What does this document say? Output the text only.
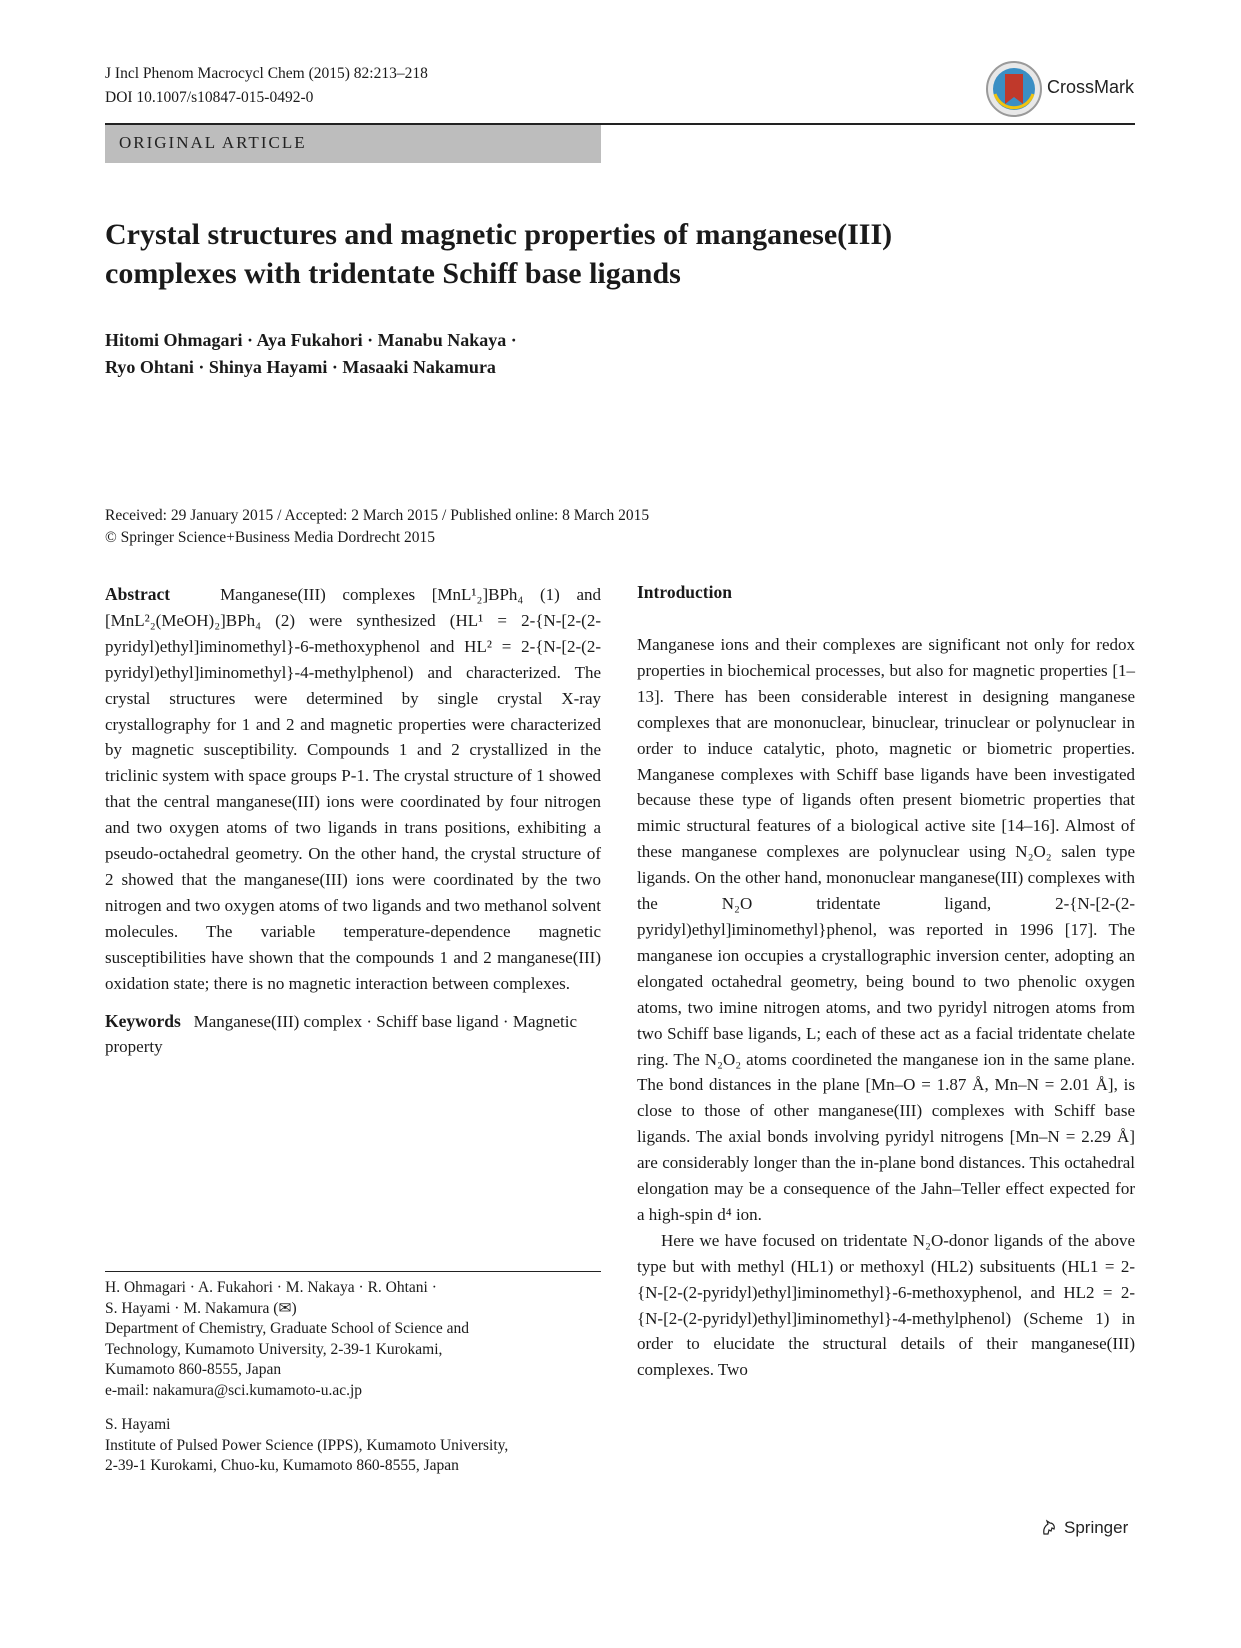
J Incl Phenom Macrocycl Chem (2015) 82:213–218
DOI 10.1007/s10847-015-0492-0
CrossMark
ORIGINAL ARTICLE
Crystal structures and magnetic properties of manganese(III)
complexes with tridentate Schiff base ligands
Hitomi Ohmagari · Aya Fukahori · Manabu Nakaya ·
Ryo Ohtani · Shinya Hayami · Masaaki Nakamura
Received: 29 January 2015 / Accepted: 2 March 2015 / Published online: 8 March 2015
© Springer Science+Business Media Dordrecht 2015

Abstract	Manganese(III) complexes [MnL¹₂]BPh₄ (1) and [MnL²₂(MeOH)₂]BPh₄ (2) were synthesized (HL¹ = 2-{N-[2-(2-pyridyl)ethyl]iminomethyl}-6-methoxyphenol and HL² = 2-{N-[2-(2-pyridyl)ethyl]iminomethyl}-4-methylphenol) and characterized. The crystal structures were determined by single crystal X-ray crystallography for 1 and 2 and magnetic properties were characterized by magnetic susceptibility. Compounds 1 and 2 crystallized in the triclinic system with space groups P-1. The crystal structure of 1 showed that the central manganese(III) ions were coordinated by four nitrogen and two oxygen atoms of two ligands in trans positions, exhibiting a pseudo-octahedral geometry. On the other hand, the crystal structure of 2 showed that the manganese(III) ions were coordinated by the two nitrogen and two oxygen atoms of two ligands and two methanol solvent molecules. The variable temperature-dependence magnetic susceptibilities have shown that the compounds 1 and 2 manganese(III) oxidation state; there is no magnetic interaction between complexes.

Keywords Manganese(III) complex · Schiff base ligand · Magnetic property

H. Ohmagari · A. Fukahori · M. Nakaya · R. Ohtani ·

S. Hayami · M. Nakamura (✉)

Department of Chemistry, Graduate School of Science and

Technology, Kumamoto University, 2-39-1 Kurokami,

Kumamoto 860-8555, Japan

e-mail: nakamura@sci.kumamoto-u.ac.jp

S. Hayami

Institute of Pulsed Power Science (IPPS), Kumamoto University,

2-39-1 Kurokami, Chuo-ku, Kumamoto 860-8555, Japan

Introduction

Manganese ions and their complexes are significant not only for redox properties in biochemical processes, but also for magnetic properties [1–13]. There has been considerable interest in designing manganese complexes that are mononuclear, binuclear, trinuclear or polynuclear in order to induce catalytic, photo, magnetic or biometric properties. Manganese complexes with Schiff base ligands have been investigated because these type of ligands often present biometric properties that mimic structural features of a biological active site [14–16]. Almost of these manganese complexes are polynuclear using N₂O₂ salen type ligands. On the other hand, mononuclear manganese(III) complexes with the N₂O tridentate ligand, 2-{N-[2-(2-pyridyl)ethyl]iminomethyl}phenol, was reported in 1996 [17]. The manganese ion occupies a crystallographic inversion center, adopting an elongated octahedral geometry, being bound to two phenolic oxygen atoms, two imine nitrogen atoms, and two pyridyl nitrogen atoms from two Schiff base ligands, L; each of these act as a facial tridentate chelate ring. The N₂O₂ atoms coordineted the manganese ion in the same plane. The bond distances in the plane [Mn–O = 1.87 Å, Mn–N = 2.01 Å], is close to those of other manganese(III) complexes with Schiff base ligands. The axial bonds involving pyridyl nitrogens [Mn–N = 2.29 Å] are considerably longer than the in-plane bond distances. This octahedral elongation may be a consequence of the Jahn–Teller effect expected for a high-spin d⁴ ion.

Here we have focused on tridentate N₂O-donor ligands of the above type but with methyl (HL1) or methoxyl (HL2) subsituents (HL1 = 2-{N-[2-(2-pyridyl)ethyl]iminomethyl}-6-methoxyphenol, and HL2 = 2-{N-[2-(2-pyridyl)ethyl]iminomethyl}-4-methylphenol) (Scheme 1) in order to elucidate the structural details of their manganese(III) complexes. Two

Springer
